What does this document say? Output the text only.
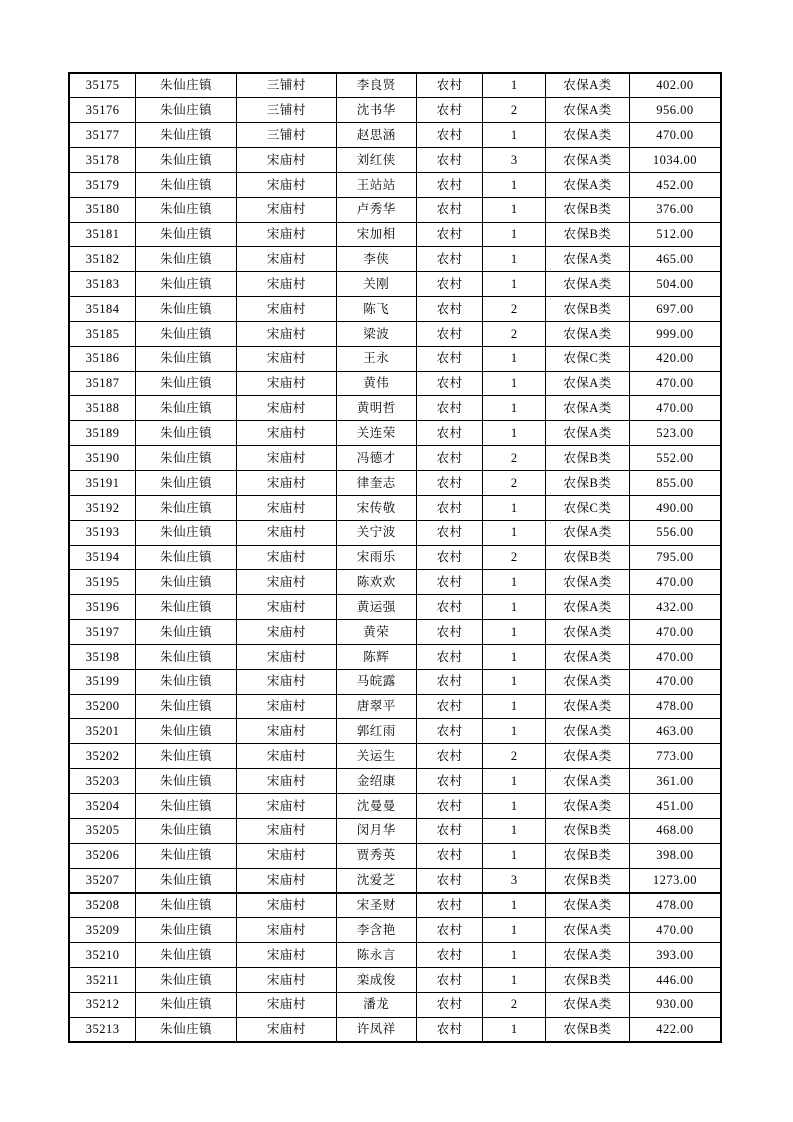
35175	朱仙庄镇	三铺村	李良贤	农村	1	农保A类	402.00
35176	朱仙庄镇	三铺村	沈书华	农村	2	农保A类	956.00
35177	朱仙庄镇	三铺村	赵思涵	农村	1	农保A类	470.00
35178	朱仙庄镇	宋庙村	刘红侠	农村	3	农保A类	1034.00
35179	朱仙庄镇	宋庙村	王站站	农村	1	农保A类	452.00
35180	朱仙庄镇	宋庙村	卢秀华	农村	1	农保B类	376.00
35181	朱仙庄镇	宋庙村	宋加相	农村	1	农保B类	512.00
35182	朱仙庄镇	宋庙村	李侠	农村	1	农保A类	465.00
35183	朱仙庄镇	宋庙村	关刚	农村	1	农保A类	504.00
35184	朱仙庄镇	宋庙村	陈飞	农村	2	农保B类	697.00
35185	朱仙庄镇	宋庙村	梁波	农村	2	农保A类	999.00
35186	朱仙庄镇	宋庙村	王永	农村	1	农保C类	420.00
35187	朱仙庄镇	宋庙村	黄伟	农村	1	农保A类	470.00
35188	朱仙庄镇	宋庙村	黄明哲	农村	1	农保A类	470.00
35189	朱仙庄镇	宋庙村	关连荣	农村	1	农保A类	523.00
35190	朱仙庄镇	宋庙村	冯德才	农村	2	农保B类	552.00
35191	朱仙庄镇	宋庙村	律奎志	农村	2	农保B类	855.00
35192	朱仙庄镇	宋庙村	宋传敬	农村	1	农保C类	490.00
35193	朱仙庄镇	宋庙村	关宁波	农村	1	农保A类	556.00
35194	朱仙庄镇	宋庙村	宋雨乐	农村	2	农保B类	795.00
35195	朱仙庄镇	宋庙村	陈欢欢	农村	1	农保A类	470.00
35196	朱仙庄镇	宋庙村	黄运强	农村	1	农保A类	432.00
35197	朱仙庄镇	宋庙村	黄荣	农村	1	农保A类	470.00
35198	朱仙庄镇	宋庙村	陈辉	农村	1	农保A类	470.00
35199	朱仙庄镇	宋庙村	马皖露	农村	1	农保A类	470.00
35200	朱仙庄镇	宋庙村	唐翠平	农村	1	农保A类	478.00
35201	朱仙庄镇	宋庙村	郭红雨	农村	1	农保A类	463.00
35202	朱仙庄镇	宋庙村	关运生	农村	2	农保A类	773.00
35203	朱仙庄镇	宋庙村	金绍康	农村	1	农保A类	361.00
35204	朱仙庄镇	宋庙村	沈曼曼	农村	1	农保A类	451.00
35205	朱仙庄镇	宋庙村	闵月华	农村	1	农保B类	468.00
35206	朱仙庄镇	宋庙村	贾秀英	农村	1	农保B类	398.00
35207	朱仙庄镇	宋庙村	沈爱芝	农村	3	农保B类	1273.00
35208	朱仙庄镇	宋庙村	宋圣财	农村	1	农保A类	478.00
35209	朱仙庄镇	宋庙村	李含艳	农村	1	农保A类	470.00
35210	朱仙庄镇	宋庙村	陈永言	农村	1	农保A类	393.00
35211	朱仙庄镇	宋庙村	栾成俊	农村	1	农保B类	446.00
35212	朱仙庄镇	宋庙村	潘龙	农村	2	农保A类	930.00
35213	朱仙庄镇	宋庙村	许凤祥	农村	1	农保B类	422.00
